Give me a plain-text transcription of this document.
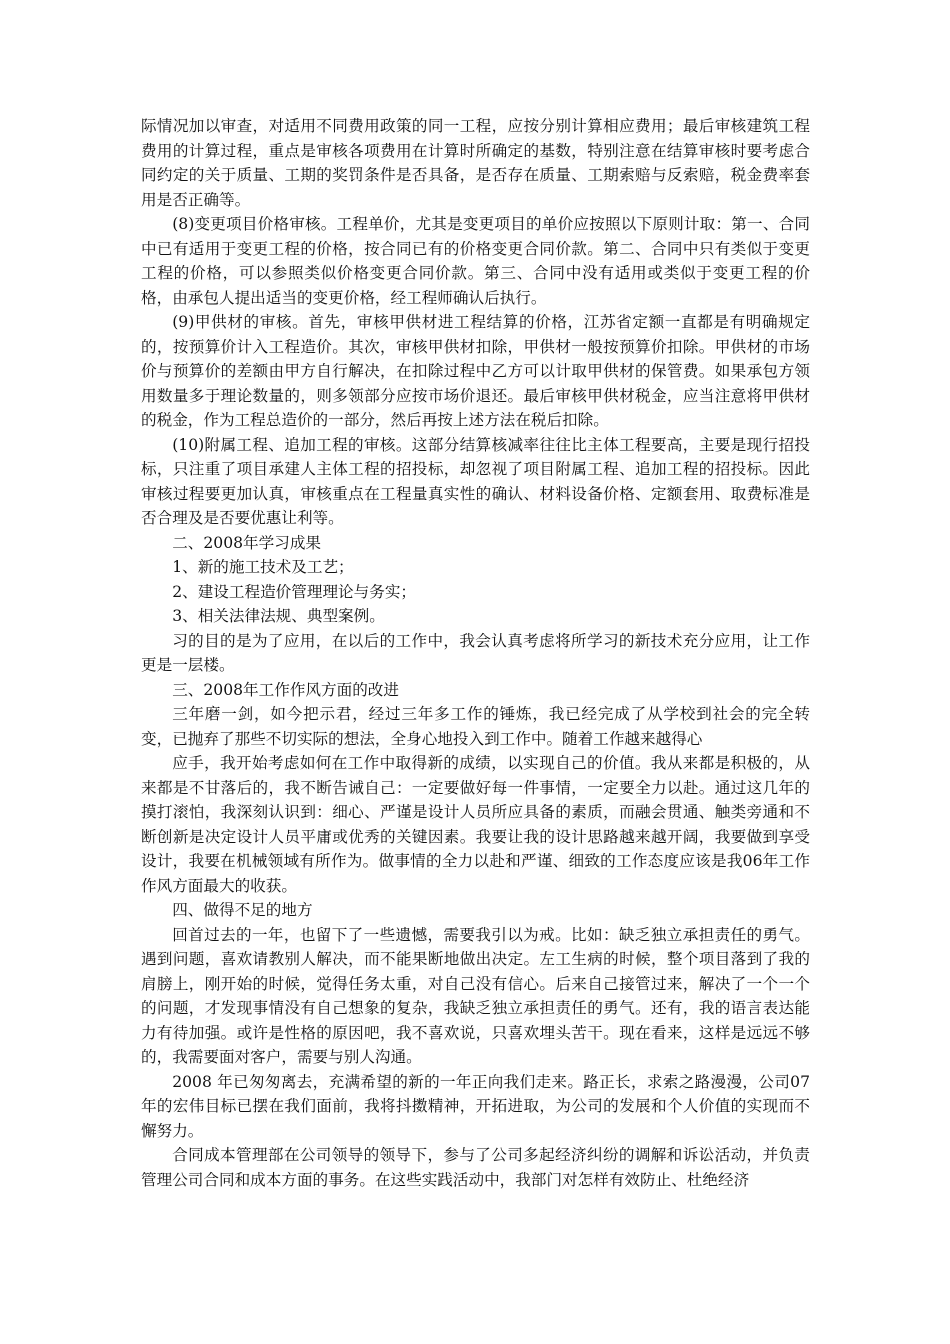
际情况加以审查，对适用不同费用政策的同一工程，应按分别计算相应费用；最后审核建筑工程费用的计算过程，重点是审核各项费用在计算时所确定的基数，特别注意在结算审核时要考虑合同约定的关于质量、工期的奖罚条件是否具备，是否存在质量、工期索赔与反索赔，税金费率套用是否正确等。

(8)变更项目价格审核。工程单价，尤其是变更项目的单价应按照以下原则计取：第一、合同中已有适用于变更工程的价格，按合同已有的价格变更合同价款。第二、合同中只有类似于变更工程的价格，可以参照类似价格变更合同价款。第三、合同中没有适用或类似于变更工程的价格，由承包人提出适当的变更价格，经工程师确认后执行。

(9)甲供材的审核。首先，审核甲供材进工程结算的价格，江苏省定额一直都是有明确规定的，按预算价计入工程造价。其次，审核甲供材扣除，甲供材一般按预算价扣除。甲供材的市场价与预算价的差额由甲方自行解决，在扣除过程中乙方可以计取甲供材的保管费。如果承包方领用数量多于理论数量的，则多领部分应按市场价退还。最后审核甲供材税金，应当注意将甲供材的税金，作为工程总造价的一部分，然后再按上述方法在税后扣除。

(10)附属工程、追加工程的审核。这部分结算核减率往往比主体工程要高，主要是现行招投标，只注重了项目承建人主体工程的招投标，却忽视了项目附属工程、追加工程的招投标。因此审核过程要更加认真，审核重点在工程量真实性的确认、材料设备价格、定额套用、取费标准是否合理及是否要优惠让利等。

二、2008年学习成果

1、新的施工技术及工艺；

2、建设工程造价管理理论与务实；

3、相关法律法规、典型案例。

习的目的是为了应用，在以后的工作中，我会认真考虑将所学习的新技术充分应用，让工作更是一层楼。

三、2008年工作作风方面的改进

三年磨一剑，如今把示君，经过三年多工作的锤炼，我已经完成了从学校到社会的完全转变，已抛弃了那些不切实际的想法，全身心地投入到工作中。随着工作越来越得心

应手，我开始考虑如何在工作中取得新的成绩，以实现自己的价值。我从来都是积极的，从来都是不甘落后的，我不断告诫自己：一定要做好每一件事情，一定要全力以赴。通过这几年的摸打滚怕，我深刻认识到：细心、严谨是设计人员所应具备的素质，而融会贯通、触类旁通和不断创新是决定设计人员平庸或优秀的关键因素。我要让我的设计思路越来越开阔，我要做到享受设计，我要在机械领域有所作为。做事情的全力以赴和严谨、细致的工作态度应该是我06年工作作风方面最大的收获。

四、做得不足的地方

回首过去的一年，也留下了一些遗憾，需要我引以为戒。比如：缺乏独立承担责任的勇气。遇到问题，喜欢请教别人解决，而不能果断地做出决定。左工生病的时候，整个项目落到了我的肩膀上，刚开始的时候，觉得任务太重，对自己没有信心。后来自己接管过来，解决了一个一个的问题，才发现事情没有自己想象的复杂，我缺乏独立承担责任的勇气。还有，我的语言表达能力有待加强。或许是性格的原因吧，我不喜欢说，只喜欢埋头苦干。现在看来，这样是远远不够的，我需要面对客户，需要与别人沟通。

2008 年已匆匆离去，充满希望的新的一年正向我们走来。路正长，求索之路漫漫，公司07年的宏伟目标已摆在我们面前，我将抖擞精神，开拓进取，为公司的发展和个人价值的实现而不懈努力。

合同成本管理部在公司领导的领导下，参与了公司多起经济纠纷的调解和诉讼活动，并负责管理公司合同和成本方面的事务。在这些实践活动中，我部门对怎样有效防止、杜绝经济
